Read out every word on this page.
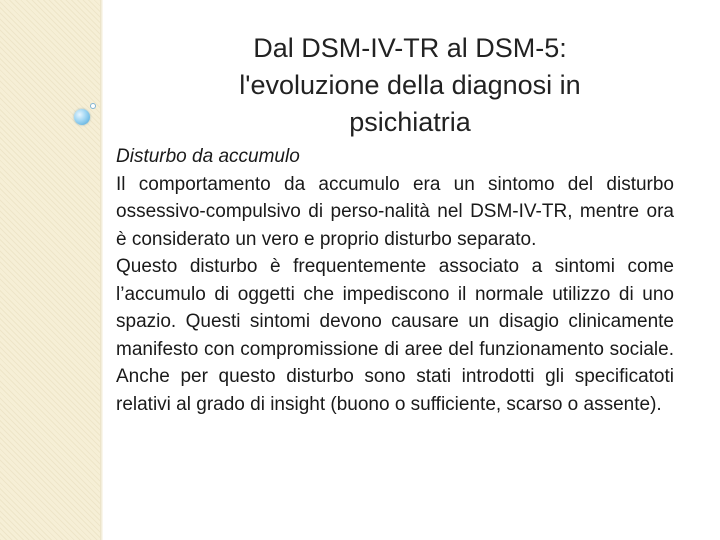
Dal DSM-IV-TR al DSM-5:
l'evoluzione della diagnosi in
psichiatria

Disturbo da accumulo

Il comportamento da accumulo era un sintomo del disturbo ossessivo-compulsivo di perso-nalità nel DSM-IV-TR, mentre ora è considerato un vero e proprio disturbo separato.

Questo disturbo è frequentemente associato a sintomi come l’accumulo di oggetti che impediscono il normale utilizzo di uno spazio. Questi sintomi devono causare un disagio clinicamente manifesto con compromissione di aree del funzionamento sociale. Anche per questo disturbo sono stati introdotti gli specificatoti relativi al grado di insight (buono o sufficiente, scarso o assente).
